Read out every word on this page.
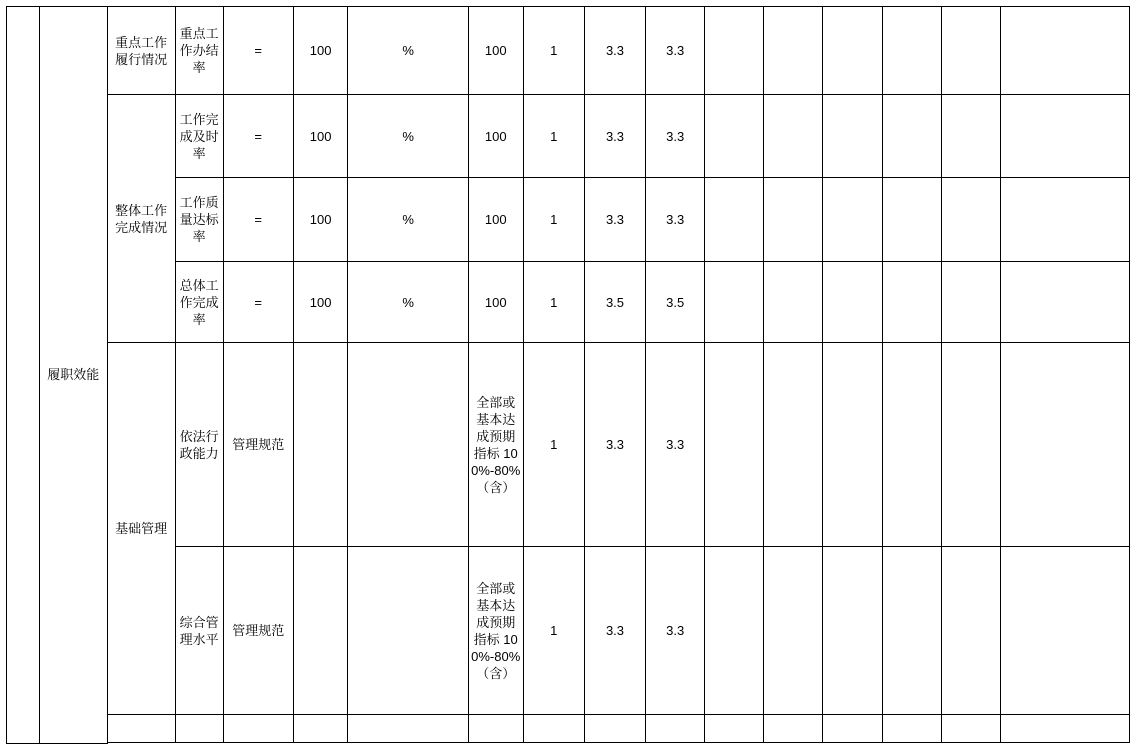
	履职效能	重点工作履行情况	重点工作办结率	=	100	%	100	1	3.3	3.3						
		整体工作完成情况	工作完成及时率	=	100	%	100	1	3.3	3.3						
			工作质量达标率	=	100	%	100	1	3.3	3.3						
			总体工作完成率	=	100	%	100	1	3.5	3.5						
		基础管理	依法行政能力	管理规范			全部或基本达成预期指标 100%-80%（含）	1	3.3	3.3						
			综合管理水平	管理规范			全部或基本达成预期指标 100%-80%（含）	1	3.3	3.3						
